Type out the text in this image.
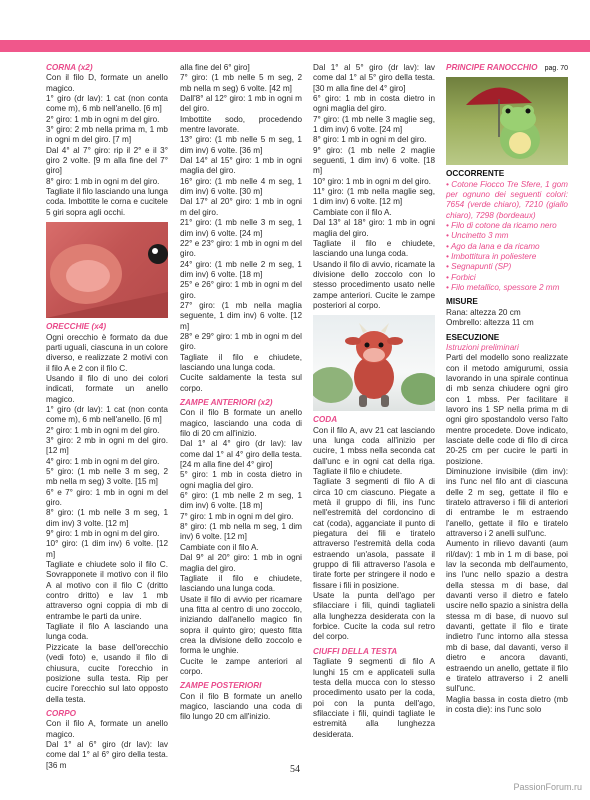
CORNA (x2)

Con il filo D, formate un anello magico.

1° giro (dr lav): 1 cat (non conta come m), 6 mb nell'anello. [6 m]

2° giro: 1 mb in ogni m del giro.

3° giro: 2 mb nella prima m, 1 mb in ogni m del giro. [7 m]

Dal 4° al 7° giro: rip il 2° e il 3° giro 2 volte. [9 m alla fine del 7° giro]

8° giro: 1 mb in ogni m del giro.

Tagliate il filo lasciando una lunga coda. Imbottite le corna e cucitele 5 giri sopra agli occhi.

ORECCHIE (x4)

Ogni orecchio è formato da due parti uguali, ciascuna in un colore diverso, e realizzate 2 motivi con il filo A e 2 con il filo C.

Usando il filo di uno dei colori indicati, formate un anello magico.

1° giro (dr lav): 1 cat (non conta come m), 6 mb nell'anello. [6 m]

2° giro: 1 mb in ogni m del giro.

3° giro: 2 mb in ogni m del giro. [12 m]

4° giro: 1 mb in ogni m del giro.

5° giro: (1 mb nelle 3 m seg, 2 mb nella m seg) 3 volte. [15 m]

6° e 7° giro: 1 mb in ogni m del giro.

8° giro: (1 mb nelle 3 m seg, 1 dim inv) 3 volte. [12 m]

9° giro: 1 mb in ogni m del giro.

10° giro: (1 dim inv) 6 volte. [12 m]

Tagliate e chiudete solo il filo C. Sovrapponete il motivo con il filo A al motivo con il filo C (dritto contro dritto) e lav 1 mb attraverso ogni coppia di mb di entrambe le parti da unire.

Tagliate il filo A lasciando una lunga coda.

Pizzicate la base dell'orecchio (vedi foto) e, usando il filo di chiusura, cucite l'orecchio in posizione sulla testa. Rip per cucire l'orecchio sul lato opposto della testa.

CORPO

Con il filo A, formate un anello magico.

Dal 1° al 6° giro (dr lav): lav come dal 1° al 6° giro della testa. [36 m

alla fine del 6° giro]

7° giro: (1 mb nelle 5 m seg, 2 mb nella m seg) 6 volte. [42 m]

Dall'8° al 12° giro: 1 mb in ogni m del giro.

Imbottite sodo, procedendo mentre lavorate.

13° giro: (1 mb nelle 5 m seg, 1 dim inv) 6 volte. [36 m]

Dal 14° al 15° giro: 1 mb in ogni maglia del giro.

16° giro: (1 mb nelle 4 m seg, 1 dim inv) 6 volte. [30 m]

Dal 17° al 20° giro: 1 mb in ogni m del giro.

21° giro: (1 mb nelle 3 m seg, 1 dim inv) 6 volte. [24 m]

22° e 23° giro: 1 mb in ogni m del giro.

24° giro: (1 mb nelle 2 m seg, 1 dim inv) 6 volte. [18 m]

25° e 26° giro: 1 mb in ogni m del giro.

27° giro: (1 mb nella maglia seguente, 1 dim inv) 6 volte. [12 m]

28° e 29° giro: 1 mb in ogni m del giro.

Tagliate il filo e chiudete, lasciando una lunga coda.

Cucite saldamente la testa sul corpo.

ZAMPE ANTERIORI (x2)

Con il filo B formate un anello magico, lasciando una coda di filo di 20 cm all'inizio.

Dal 1° al 4° giro (dr lav): lav come dal 1° al 4° giro della testa. [24 m alla fine del 4° giro]

5° giro: 1 mb in costa dietro in ogni maglia del giro.

6° giro: (1 mb nelle 2 m seg, 1 dim inv) 6 volte. [18 m]

7° giro: 1 mb in ogni m del giro.

8° giro: (1 mb nella m seg, 1 dim inv) 6 volte. [12 m]

Cambiate con il filo A.

Dal 9° al 20° giro: 1 mb in ogni maglia del giro.

Tagliate il filo e chiudete, lasciando una lunga coda.

Usate il filo di avvio per ricamare una fitta al centro di uno zoccolo, iniziando dall'anello magico fin sopra il quinto giro; questo fitta crea la divisione dello zoccolo e forma le unghie.

Cucite le zampe anteriori al corpo.

ZAMPE POSTERIORI

Con il filo B formate un anello magico, lasciando una coda di filo lungo 20 cm all'inizio.

Dal 1° al 5° giro (dr lav): lav come dal 1° al 5° giro della testa. [30 m alla fine del 4° giro]

6° giro: 1 mb in costa dietro in ogni maglia del giro.

7° giro: (1 mb nelle 3 maglie seg, 1 dim inv) 6 volte. [24 m]

8° giro: 1 mb in ogni m del giro.

9° giro: (1 mb nelle 2 maglie seguenti, 1 dim inv) 6 volte. [18 m]

10° giro: 1 mb in ogni m del giro.

11° giro: (1 mb nella maglie seg, 1 dim inv) 6 volte. [12 m]

Cambiate con il filo A.

Dal 13° al 18° giro: 1 mb in ogni maglia del giro.

Tagliate il filo e chiudete, lasciando una lunga coda.

Usando il filo di avvio, ricamate la divisione dello zoccolo con lo stesso procedimento usato nelle zampe anteriori. Cucite le zampe posteriori al corpo.

CODA

Con il filo A, avv 21 cat lasciando una lunga coda all'inizio per cucire, 1 mbss nella seconda cat dall'unc e in ogni cat della riga. Tagliate il filo e chiudete.

Tagliate 3 segmenti di filo A di circa 10 cm ciascuno. Piegate a metà il gruppo di fili, ins l'unc nell'estremità del cordoncino di cat (coda), agganciate il punto di piegatura dei fili e tiratelo attraverso l'estremità della coda estraendo un'asola, passate il gruppo di fili attraverso l'asola e tirate forte per stringere il nodo e fissare i fili in posizione.

Usate la punta dell'ago per sfilacciare i fili, quindi tagliateli alla lunghezza desiderata con la forbice. Cucite la coda sul retro del corpo.

CIUFFI DELLA TESTA

Tagliate 9 segmenti di filo A lunghi 15 cm e applicateli sulla testa della mucca con lo stesso procedimento usato per la coda, poi con la punta dell'ago, sfilacciate i fili, quindi tagliate le estremità alla lunghezza desiderata.

PRINCIPE RANOCCHIO pag. 70
OCCORRENTE

• Cotone Fiocco Tre Sfere, 1 gom per ognuno dei seguenti colori: 7654 (verde chiaro), 7210 (giallo chiaro), 7298 (bordeaux)

• Filo di cotone da ricamo nero

• Uncinetto 3 mm

• Ago da lana e da ricamo

• Imbottitura in poliestere

• Segnapunti (SP)

• Forbici

• Filo metallico, spessore 2 mm

MISURE

Rana: altezza 20 cm

Ombrello: altezza 11 cm

ESECUZIONE

Istruzioni preliminari

Parti del modello sono realizzate con il metodo amigurumi, ossia lavorando in una spirale continua di mb senza chiudere ogni giro con 1 mbss. Per facilitare il lavoro ins 1 SP nella prima m di ogni giro spostandolo verso l'alto mentre procedete. Dove indicato, lasciate delle code di filo di circa 20-25 cm per cucire le parti in posizione.

Diminuzione invisibile (dim inv): ins l'unc nel filo ant di ciascuna delle 2 m seg, gettate il filo e tiratelo attraverso i fili di anteriori di entrambe le m estraendo l'anello, gettate il filo e tiratelo attraverso i 2 anelli sull'unc.

Aumento in rilievo davanti (aum ril/dav): 1 mb in 1 m di base, poi lav la seconda mb dell'aumento, ins l'unc nello spazio a destra della stessa m di base, dal davanti verso il dietro e fatelo uscire nello spazio a sinistra della stessa m di base, di nuovo sul davanti, gettate il filo e tirate indietro l'unc intorno alla stessa mb di base, dal davanti, verso il dietro e ancora davanti, estraendo un anello, gettate il filo e tiratelo attraverso i 2 anelli sull'unc.

Maglia bassa in costa dietro (mb in costa die): ins l'unc solo

54
PassionForum.ru
